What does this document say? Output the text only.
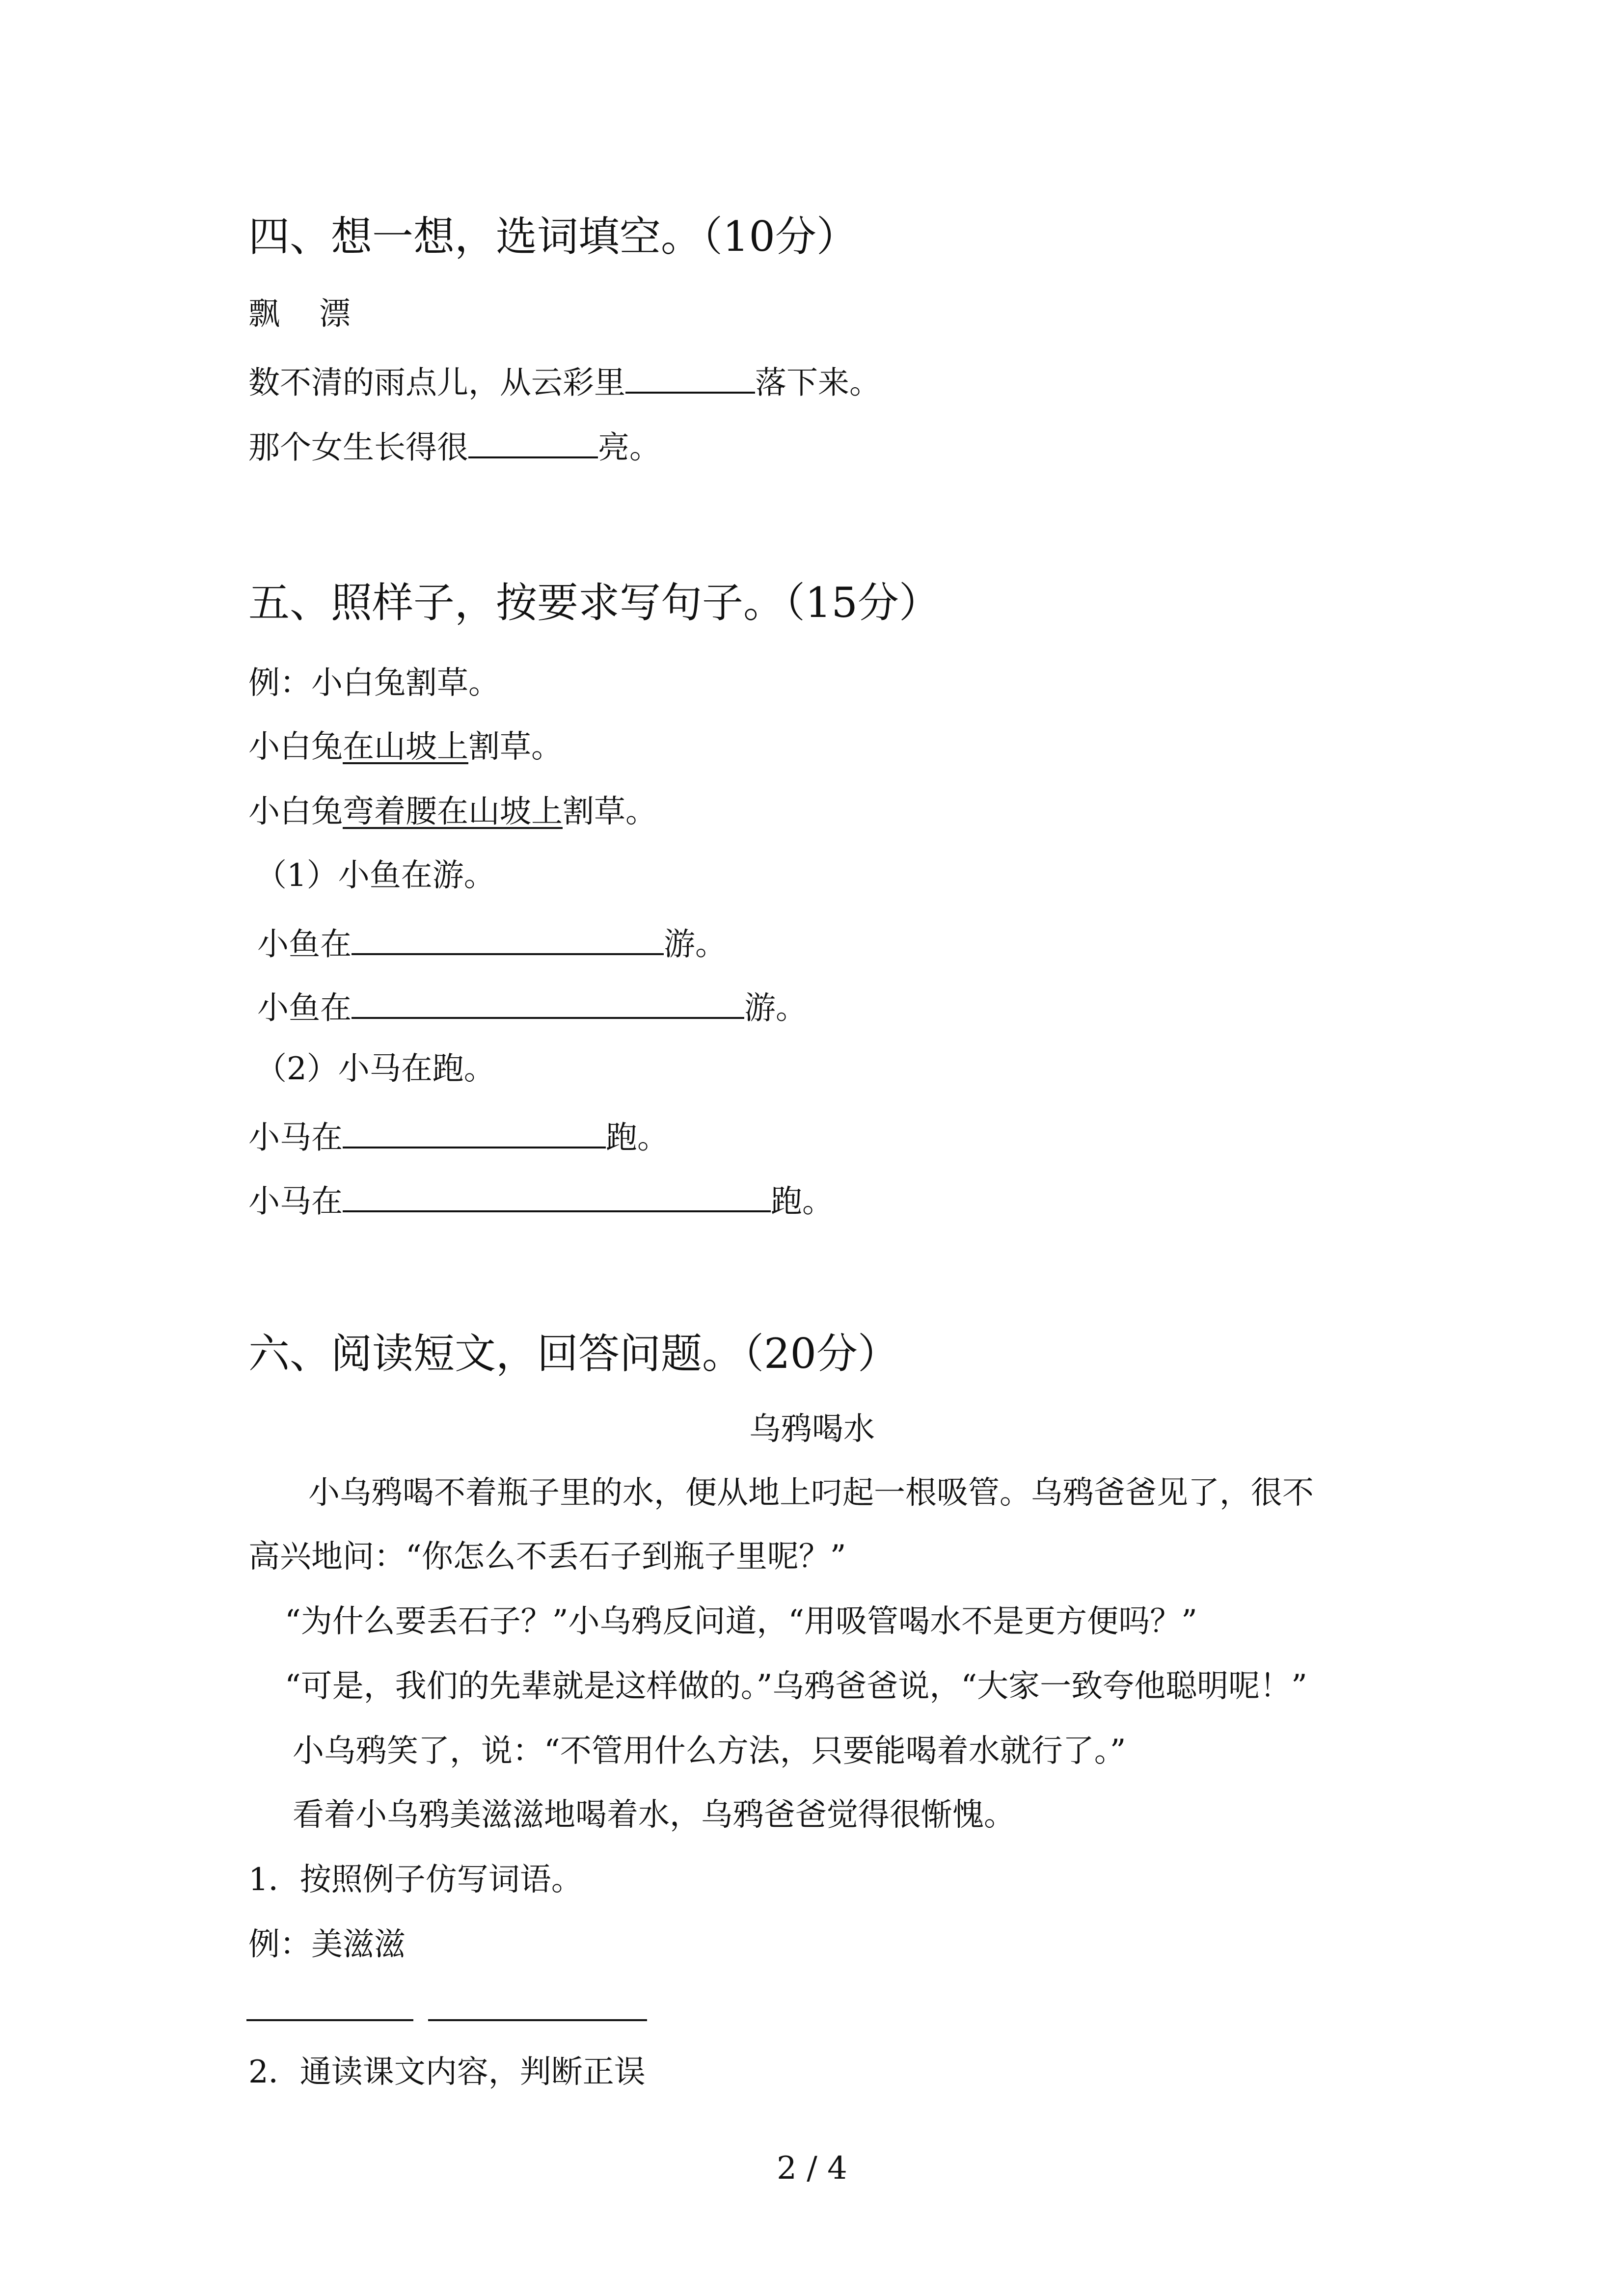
四、想一想，选词填空。（10分）
飘 漂
数不清的雨点儿，从云彩里	落下来。
那个女生长得很	亮。
五、照样子，按要求写句子。（15分）
例：小白兔割草。
小白兔在山坡上割草。
小白兔弯着腰在山坡上割草。
（1）小鱼在游。
小鱼在	游。
小鱼在	游。
（2）小马在跑。
小马在	跑。
小马在	跑。
六、阅读短文，回答问题。（20分）
乌鸦喝水
小乌鸦喝不着瓶子里的水，便从地上叼起一根吸管。乌鸦爸爸见了，很不
高兴地问：“你怎么不丢石子到瓶子里呢？”
“为什么要丢石子？”小乌鸦反问道，“用吸管喝水不是更方便吗？”
“可是，我们的先辈就是这样做的。”乌鸦爸爸说，“大家一致夸他聪明呢！”
小乌鸦笑了，说：“不管用什么方法，只要能喝着水就行了。”
看着小乌鸦美滋滋地喝着水，乌鸦爸爸觉得很惭愧。
1．按照例子仿写词语。
例：美滋滋
2．通读课文内容，判断正误
2 / 4
